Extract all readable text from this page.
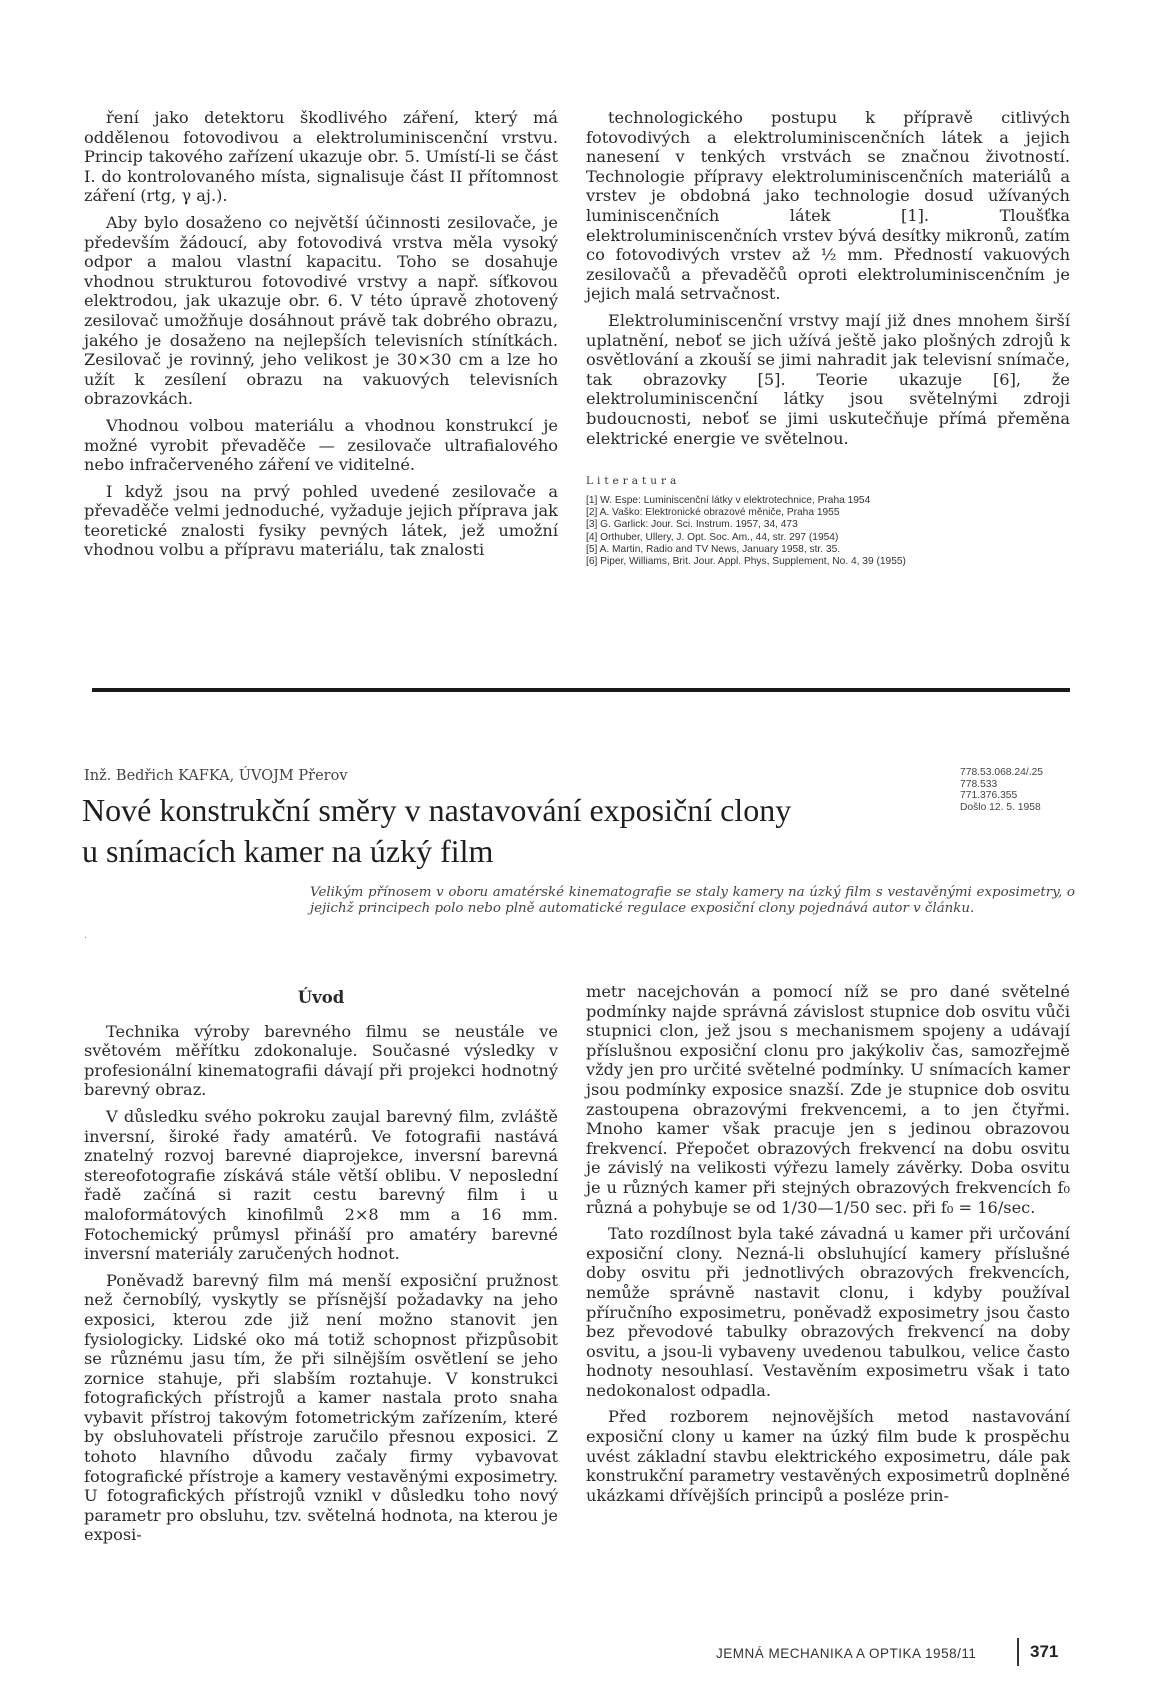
ření jako detektoru škodlivého záření, který má oddělenou fotovodivou a elektroluminiscenční vrstvu. Princip takového zařízení ukazuje obr. 5. Umístí-li se část I. do kontrolovaného místa, signalisuje část II přítomnost záření (rtg, γ aj.).

Aby bylo dosaženo co největší účinnosti zesilovače, je především žádoucí, aby fotovodivá vrstva měla vysoký odpor a malou vlastní kapacitu. Toho se dosahuje vhodnou strukturou fotovodivé vrstvy a např. síťkovou elektrodou, jak ukazuje obr. 6. V této úpravě zhotovený zesilovač umožňuje dosáhnout právě tak dobrého obrazu, jakého je dosaženo na nejlepších televisních stínítkách. Zesilovač je rovinný, jeho velikost je 30×30 cm a lze ho užít k zesílení obrazu na vakuových televisních obrazovkách.

Vhodnou volbou materiálu a vhodnou konstrukcí je možné vyrobit převaděče — zesilovače ultrafialového nebo infračerveného záření ve viditelné.

I když jsou na prvý pohled uvedené zesilovače a převaděče velmi jednoduché, vyžaduje jejich příprava jak teoretické znalosti fysiky pevných látek, jež umožní vhodnou volbu a přípravu materiálu, tak znalosti

technologického postupu k přípravě citlivých fotovodivých a elektroluminiscenčních látek a jejich nanesení v tenkých vrstvách se značnou životností. Technologie přípravy elektroluminiscenčních materiálů a vrstev je obdobná jako technologie dosud užívaných luminiscenčních látek [1]. Tloušťka elektroluminiscenčních vrstev bývá desítky mikronů, zatím co fotovodivých vrstev až ½ mm. Předností vakuových zesilovačů a převaděčů oproti elektroluminiscenčním je jejich malá setrvačnost.

Elektroluminiscenční vrstvy mají již dnes mnohem širší uplatnění, neboť se jich užívá ještě jako plošných zdrojů k osvětlování a zkouší se jimi nahradit jak televisní snímače, tak obrazovky [5]. Teorie ukazuje [6], že elektroluminiscenční látky jsou světelnými zdroji budoucnosti, neboť se jimi uskutečňuje přímá přeměna elektrické energie ve světelnou.

Literatura
[1] W. Espe: Luminiscenční látky v elektrotechnice, Praha 1954
[2] A. Vaško: Elektronické obrazové měniče, Praha 1955
[3] G. Garlick: Jour. Sci. Instrum. 1957, 34, 473
[4] Orthuber, Ullery, J. Opt. Soc. Am., 44, str. 297 (1954)
[5] A. Martin, Radio and TV News, January 1958, str. 35.
[6] Piper, Williams, Brit. Jour. Appl. Phys, Supplement, No. 4, 39 (1955)
Inž. Bedřich KAFKA, ÚVOJM Přerov	778.53.068.24/.25
778.533
771.376.355
Došlo 12. 5. 1958
Nové konstrukční směry v nastavování exposiční clony
u snímacích kamer na úzký film
Velikým přínosem v oboru amatérské kinematografie se staly kamery na úzký film s vestavěnými exposimetry, o jejichž principech polo nebo plně automatické regulace exposiční clony pojednává autor v článku.
.

Úvod

Technika výroby barevného filmu se neustále ve světovém měřítku zdokonaluje. Současné výsledky v profesionální kinematografii dávají při projekci hodnotný barevný obraz.

V důsledku svého pokroku zaujal barevný film, zvláště inversní, široké řady amatérů. Ve fotografii nastává znatelný rozvoj barevné diaprojekce, inversní barevná stereofotografie získává stále větší oblibu. V neposlední řadě začíná si razit cestu barevný film i u maloformátových kinofilmů 2×8 mm a 16 mm. Fotochemický průmysl přináší pro amatéry barevné inversní materiály zaručených hodnot.

Poněvadž barevný film má menší exposiční pružnost než černobílý, vyskytly se přísnější požadavky na jeho exposici, kterou zde již není možno stanovit jen fysiologicky. Lidské oko má totiž schopnost přizpůsobit se různému jasu tím, že při silnějším osvětlení se jeho zornice stahuje, při slabším roztahuje. V konstrukci fotografických přístrojů a kamer nastala proto snaha vybavit přístroj takovým fotometrickým zařízením, které by obsluhovateli přístroje zaručilo přesnou exposici. Z tohoto hlavního důvodu začaly firmy vybavovat fotografické přístroje a kamery vestavěnými exposimetry. U fotografických přístrojů vznikl v důsledku toho nový parametr pro obsluhu, tzv. světelná hodnota, na kterou je exposi-

metr nacejchován a pomocí níž se pro dané světelné podmínky najde správná závislost stupnice dob osvitu vůči stupnici clon, jež jsou s mechanismem spojeny a udávají příslušnou exposiční clonu pro jakýkoliv čas, samozřejmě vždy jen pro určité světelné podmínky. U snímacích kamer jsou podmínky exposice snazší. Zde je stupnice dob osvitu zastoupena obrazovými frekvencemi, a to jen čtyřmi. Mnoho kamer však pracuje jen s jedinou obrazovou frekvencí. Přepočet obrazových frekvencí na dobu osvitu je závislý na velikosti výřezu lamely závěrky. Doba osvitu je u různých kamer při stejných obrazových frekvencích f₀ různá a pohybuje se od 1/30—1/50 sec. při f₀ = 16/sec.

Tato rozdílnost byla také závadná u kamer při určování exposiční clony. Nezná-li obsluhující kamery příslušné doby osvitu při jednotlivých obrazových frekvencích, nemůže správně nastavit clonu, i kdyby používal příručního exposimetru, poněvadž exposimetry jsou často bez převodové tabulky obrazových frekvencí na doby osvitu, a jsou-li vybaveny uvedenou tabulkou, velice často hodnoty nesouhlasí. Vestavěním exposimetru však i tato nedokonalost odpadla.

Před rozborem nejnovějších metod nastavování exposiční clony u kamer na úzký film bude k prospěchu uvést základní stavbu elektrického exposimetru, dále pak konstrukční parametry vestavěných exposimetrů doplněné ukázkami dřívějších principů a posléze prin-

JEMNÁ MECHANIKA A OPTIKA 1958/11	371
